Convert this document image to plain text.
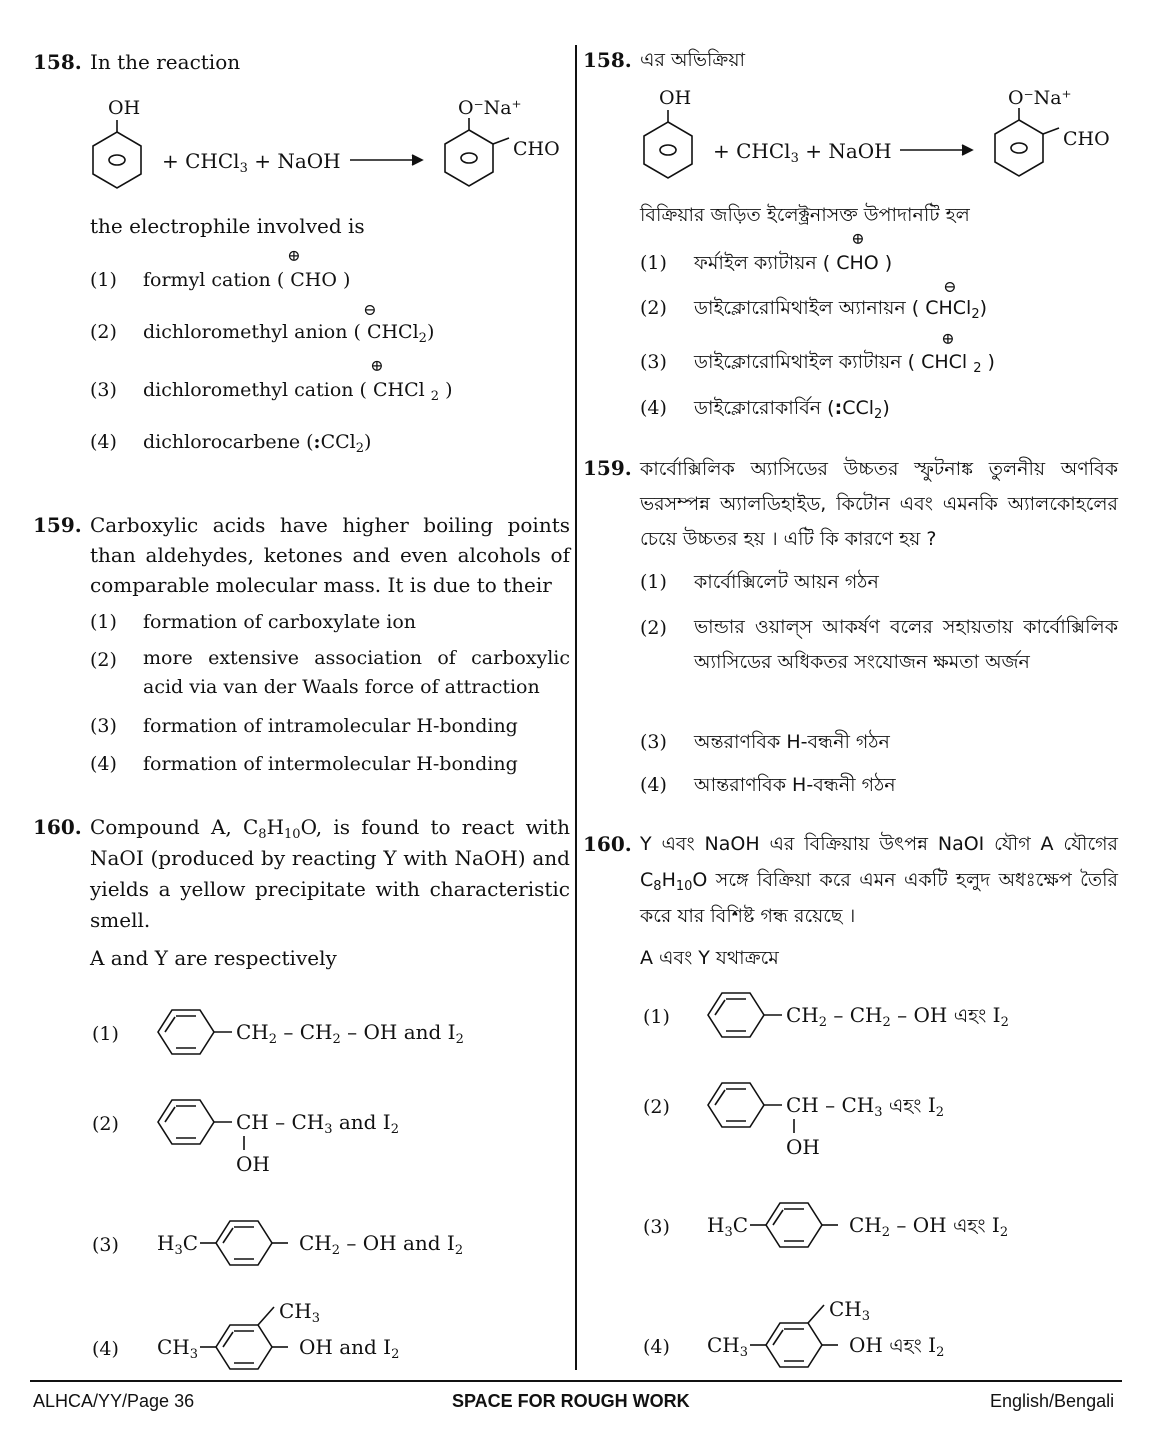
158. In the reaction
OH
+ CHCl$_3$ + NaOH →
O⁻Na⁺
CHO
the electrophile involved is
(1)
⊕
formyl cation ( CHO )
(2)
⊖
dichloromethyl anion ( CHCl$_2$)
(3)
⊕
dichloromethyl cation ( CHCl $_2$ )
(4) dichlorocarbene (:CCl$_2$)
159. Carboxylic acids have higher boiling points than aldehydes, ketones and even alcohols of comparable molecular mass. It is due to their
(1) formation of carboxylate ion
(2) more extensive association of carboxylic acid via van der Waals force of attraction
(3) formation of intramolecular H-bonding
(4) formation of intermolecular H-bonding
160. Compound A, $C_8H_{10}O$, is found to react with NaOI (produced by reacting Y with NaOH) and yields a yellow precipitate with characteristic smell.
A and Y are respectively
(1)	$CH_2 - CH_2$ – OH and $I_2$
(2)	CH – $CH_3$ and $I_2$
OH
(3) $H_3C$	$CH_2$ – OH and $I_2$
(4) $CH_3$
$CH_3$
OH and $I_2$
158. এর অভিক্রিয়া
OH
+ CHCl$_3$ + NaOH →
O⁻Na⁺
CHO
বিক্রিয়ার জড়িত ইলেক্ট্রনাসক্ত উপাদানটি হল
(1)
⊕
ফর্মাইল ক্যাটায়ন ( CHO )
(2)
⊖
ডাইক্লোরোমিথাইল অ্যানায়ন ( CHCl$_2$)
(3)
⊕
ডাইক্লোরোমিথাইল ক্যাটায়ন ( CHCl $_2$ )
(4) ডাইক্লোরোকার্বিন (:CCl$_2$)
159. কার্বোক্সিলিক অ্যাসিডের উচ্চতর স্ফুটনাঙ্ক তুলনীয় অণবিক ভরসম্পন্ন অ্যালডিহাইড, কিটোন এবং এমনকি অ্যালকোহলের চেয়ে উচ্চতর হয় । এটি কি কারণে হয় ?
(1) কার্বোক্সিলেট আয়ন গঠন
(2) ভান্ডার ওয়াল্‌স আকর্ষণ বলের সহায়তায় কার্বোক্সিলিক অ্যাসিডের অধিকতর সংযোজন ক্ষমতা অর্জন
(3) অন্তরাণবিক H-বন্ধনী গঠন
(4) আন্তরাণবিক H-বন্ধনী গঠন
160. Y এবং NaOH এর বিক্রিয়ায় উৎপন্ন NaOI যৌগ A যৌগের $C_8H_{10}O$ সঙ্গে বিক্রিয়া করে এমন একটি হলুদ অধঃক্ষেপ তৈরি করে যার বিশিষ্ট গন্ধ রয়েছে ।
A এবং Y যথাক্রমে
(1)	$CH_2 - CH_2$ – OH এহং $I_2$
(2)	CH – $CH_3$ এহং $I_2$
OH
(3) $H_3C$	$CH_2$ – OH এহং $I_2$
(4) $CH_3$
$CH_3$
OH এহং $I_2$
ALHCA/YY/Page 36	SPACE FOR ROUGH WORK	English/Bengali
